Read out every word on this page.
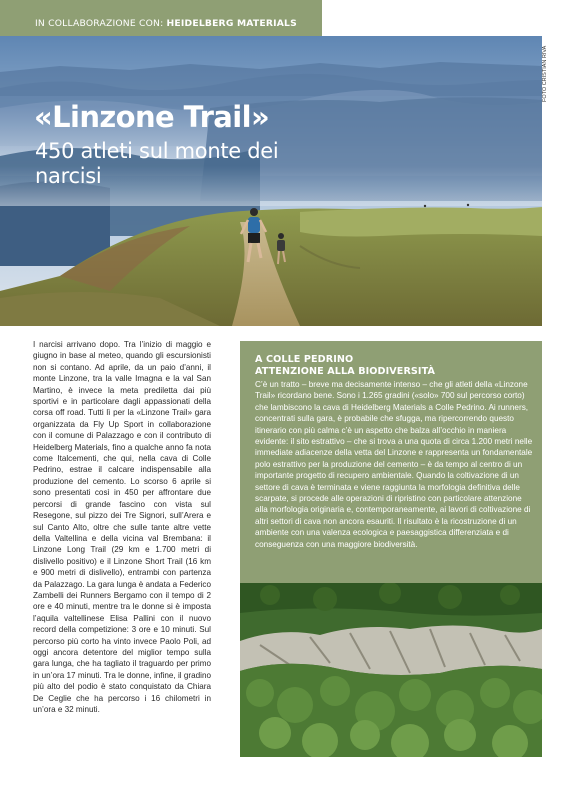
IN COLLABORAZIONE CON: HEIDELBERG MATERIALS
FOTO CRISTIAN RIVA
«Linzone Trail»
450 atleti sul monte dei narcisi
I narcisi arrivano dopo. Tra l’inizio di maggio e giugno in base al meteo, quando gli escursionisti non si contano. Ad aprile, da un paio d’anni, il monte Linzone, tra la valle Imagna e la val San Martino, è invece la meta prediletta dai più sportivi e in particolare dagli appassionati della corsa off road. Tutti lì per la «Linzone Trail» gara organizzata da Fly Up Sport in collaborazione con il comune di Palazzago e con il contributo di Heidelberg Materials, fino a qualche anno fa nota come Italcementi, che qui, nella cava di Colle Pedrino, estrae il calcare indispensabile alla produzione del cemento. Lo scorso 6 aprile si sono presentati così in 450 per affrontare due percorsi di grande fascino con vista sul Resegone, sul pizzo dei Tre Signori, sull’Arera e sul Canto Alto, oltre che sulle tante altre vette della Valtellina e della vicina val Brembana: il Linzone Long Trail (29 km e 1.700 metri di dislivello positivo) e il Linzone Short Trail (16 km e 900 metri di dislivello), entrambi con partenza da Palazzago. La gara lunga è andata a Federico Zambelli dei Runners Bergamo con il tempo di 2 ore e 40 minuti, mentre tra le donne si è imposta l’aquila valtellinese Elisa Pallini con il nuovo record della competizione: 3 ore e 10 minuti. Sul percorso più corto ha vinto invece Paolo Poli, ad oggi ancora detentore del miglior tempo sulla gara lunga, che ha tagliato il traguardo per primo in un’ora 17 minuti. Tra le donne, infine, il gradino più alto del podio è stato conquistato da Chiara De Ceglie che ha percorso i 16 chilometri in un’ora e 32 minuti.
A COLLE PEDRINO
ATTENZIONE ALLA BIODIVERSITÀ
C’è un tratto – breve ma decisamente intenso – che gli atleti della «Linzone Trail» ricordano bene. Sono i 1.265 gradini («solo» 700 sul percorso corto) che lambiscono la cava di Heidelberg Materials a Colle Pedrino. Ai runners, concentrati sulla gara, è probabile che sfugga, ma ripercorrendo questo itinerario con più calma c’è un aspetto che balza all’occhio in maniera evidente: il sito estrattivo – che si trova a una quota di circa 1.200 metri nelle immediate adiacenze della vetta del Linzone e rappresenta un fondamentale polo estrattivo per la produzione del cemento – è da tempo al centro di un importante progetto di recupero ambientale. Quando la coltivazione di un settore di cava è terminata e viene raggiunta la morfologia definitiva delle scarpate, si procede alle operazioni di ripristino con particolare attenzione alla morfologia originaria e, contemporaneamente, ai lavori di coltivazione di altri settori di cava non ancora esauriti. Il risultato è la ricostruzione di un ambiente con una valenza ecologica e paesaggistica differenziata e di conseguenza con una maggiore biodiversità.
